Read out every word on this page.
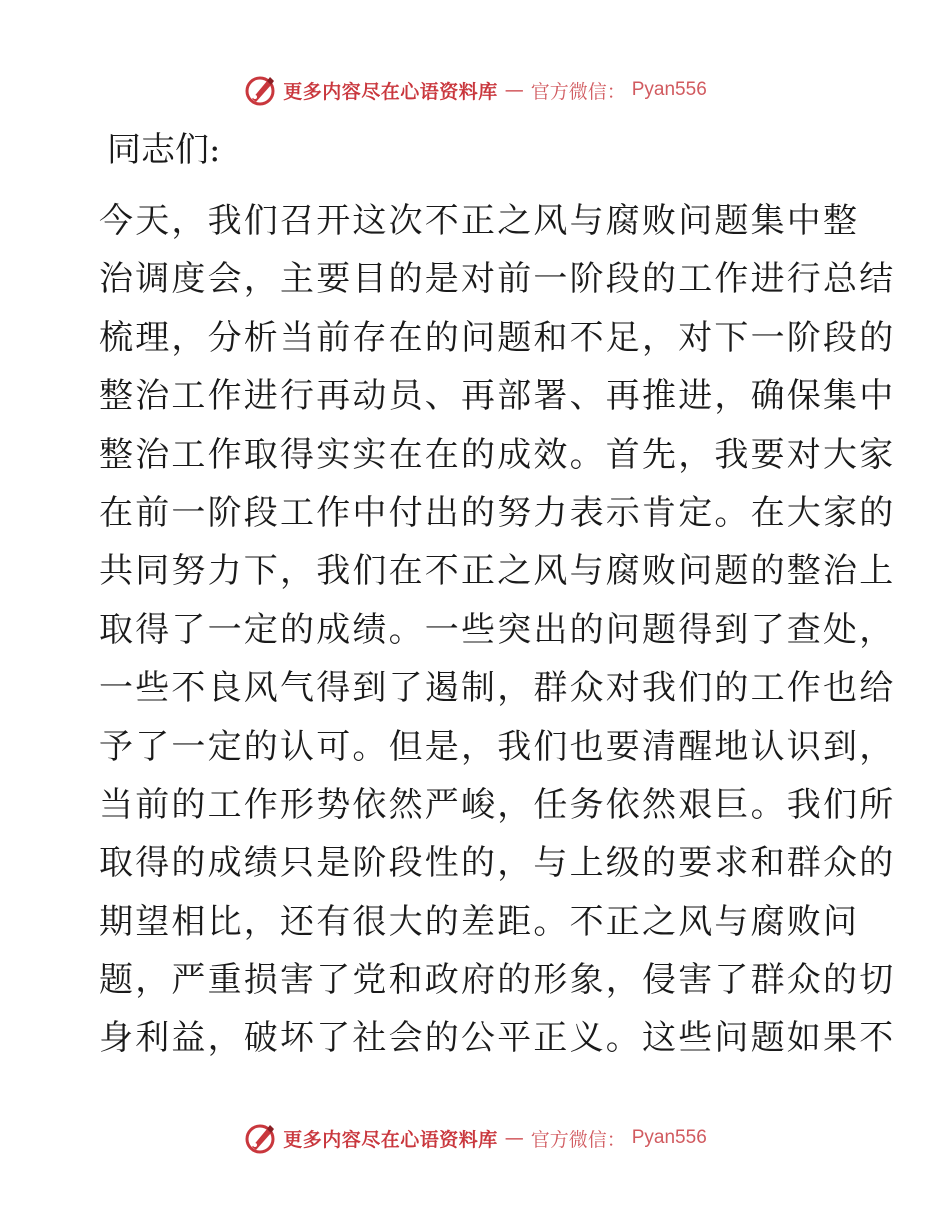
更多内容尽在心语资料库 — 官方微信： Pyan556

同志们:

今天，我们召开这次不正之风与腐败问题集中整
治调度会，主要目的是对前一阶段的工作进行总结
梳理，分析当前存在的问题和不足，对下一阶段的
整治工作进行再动员、再部署、再推进，确保集中
整治工作取得实实在在的成效。首先，我要对大家
在前一阶段工作中付出的努力表示肯定。在大家的
共同努力下，我们在不正之风与腐败问题的整治上
取得了一定的成绩。一些突出的问题得到了查处，
一些不良风气得到了遏制，群众对我们的工作也给
予了一定的认可。但是，我们也要清醒地认识到，
当前的工作形势依然严峻，任务依然艰巨。我们所
取得的成绩只是阶段性的，与上级的要求和群众的
期望相比，还有很大的差距。不正之风与腐败问
题，严重损害了党和政府的形象，侵害了群众的切
身利益，破坏了社会的公平正义。这些问题如果不
更多内容尽在心语资料库 — 官方微信： Pyan556
